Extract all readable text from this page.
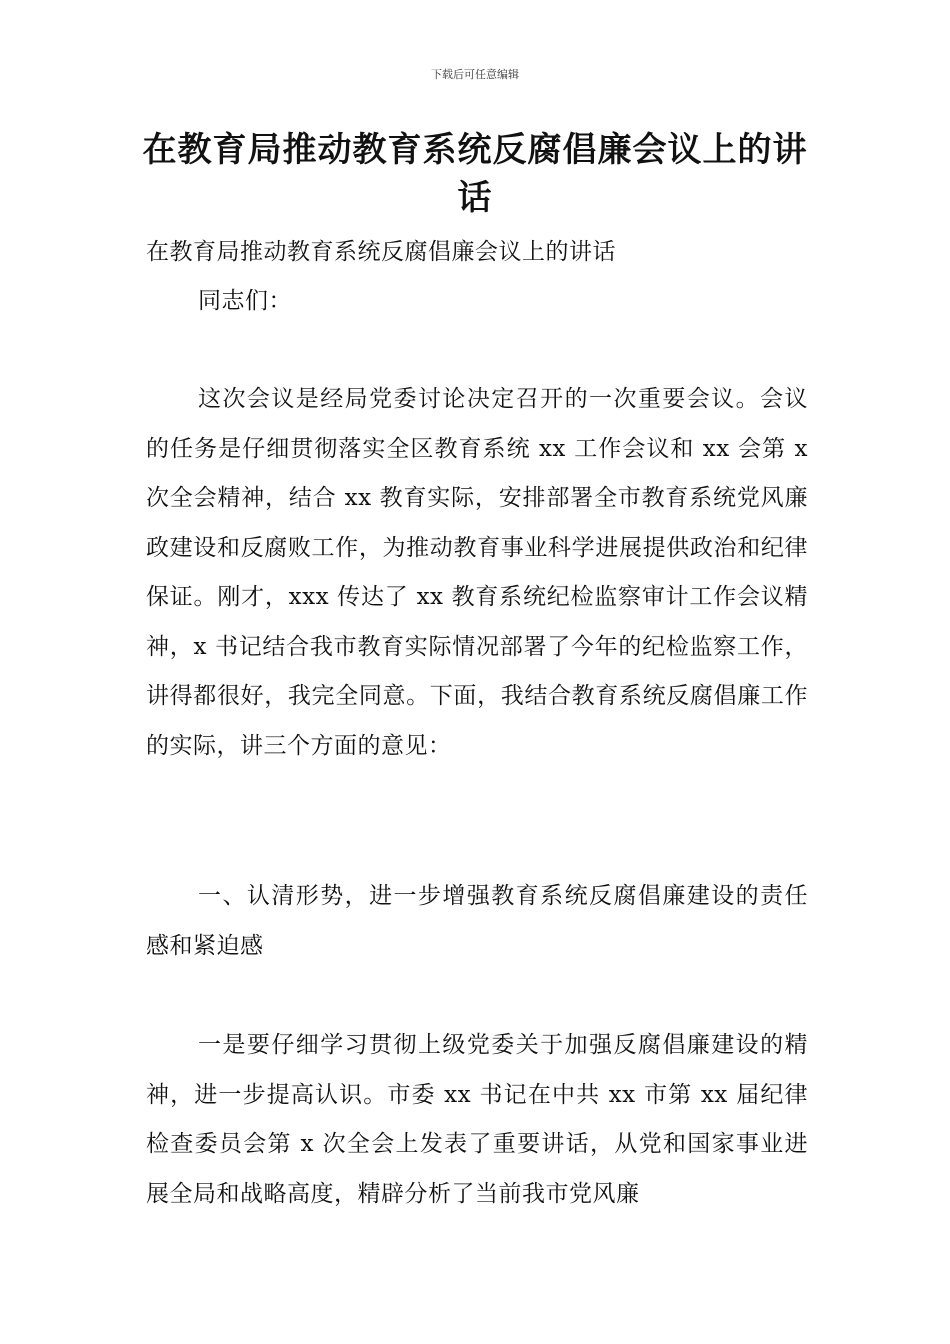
下载后可任意编辑
在教育局推动教育系统反腐倡廉会议上的讲话

在教育局推动教育系统反腐倡廉会议上的讲话

同志们：

这次会议是经局党委讨论决定召开的一次重要会议。会议的任务是仔细贯彻落实全区教育系统 xx 工作会议和 xx 会第 x 次全会精神，结合 xx 教育实际，安排部署全市教育系统党风廉政建设和反腐败工作，为推动教育事业科学进展提供政治和纪律保证。刚才，xxx 传达了 xx 教育系统纪检监察审计工作会议精神，x 书记结合我市教育实际情况部署了今年的纪检监察工作，讲得都很好，我完全同意。下面，我结合教育系统反腐倡廉工作的实际，讲三个方面的意见：

一、认清形势，进一步增强教育系统反腐倡廉建设的责任感和紧迫感

一是要仔细学习贯彻上级党委关于加强反腐倡廉建设的精神，进一步提高认识。市委 xx 书记在中共 xx 市第 xx 届纪律检查委员会第 x 次全会上发表了重要讲话，从党和国家事业进展全局和战略高度，精辟分析了当前我市党风廉
